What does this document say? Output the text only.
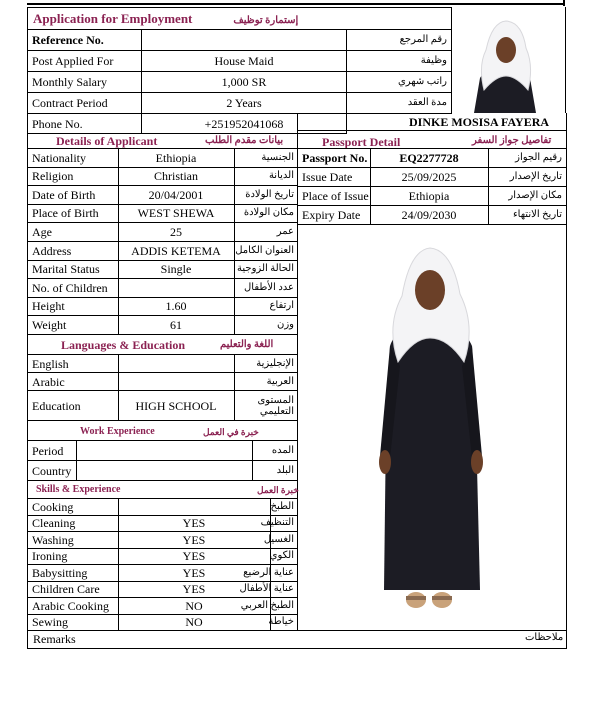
Application for Employment إستمارة توظيف		
Reference No.		رقم المرجع
Post Applied For	House Maid	وظيفة
Monthly Salary	1,000 SR	راتب شهري
Contract Period	2 Years	مدة العقد
Phone No.	+251952041068		DINKE MOSISA FAYERA
Details of Applicant	بيانات مقدم الطلب	Passport Detail	تفاصيل جواز السفر
Nationality	Ethiopia	الجنسية
Religion	Christian	الديانة
Date of Birth	20/04/2001	تاريخ الولادة
Place of Birth	WEST SHEWA	مكان الولادة
Age	25	عمر
Address	ADDIS KETEMA	العنوان الكامل
Marital Status	Single	الحالة الزوجية
No. of Children		عدد الأطفال
Height	1.60	ارتفاع
Weight	61	وزن
Passport No.	EQ2277728	رقيم الجواز
Issue Date	25/09/2025	تاريخ الإصدار
Place of Issue	Ethiopia	مكان الإصدار
Expiry Date	24/09/2030	تاريخ الانتهاء
Languages & Education	اللغة والتعليم
English		الإنجليزية
Arabic		العربية
Education	HIGH SCHOOL	المستوى التعليمي
Work Experience	خبرة في العمل
Period		المده
Country		البلد
Skills & Experience	خبرة العمل
Cooking		الطبخ
Cleaning	YES	التنظيف
Washing	YES	الغسيل
Ironing	YES	الكوي
Babysitting	YES	عناية الرضيع
Children Care	YES	عناية الأطفال
Arabic Cooking	NO	الطبخ العربي
Sewing	NO	خياطة
Remarks	ملاحظات
